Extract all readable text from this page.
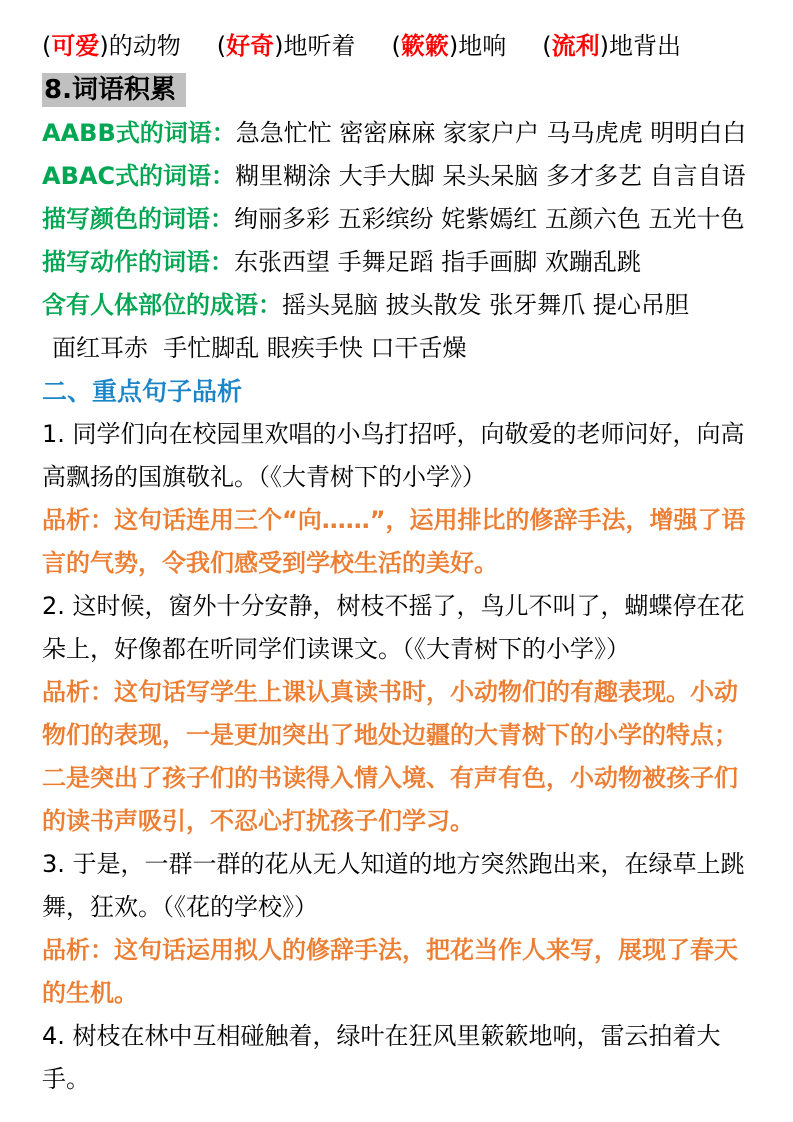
(可爱)的动物 (好奇)地听着 (簌簌)地响 (流利)地背出
8.词语积累

AABB式的词语：急急忙忙 密密麻麻 家家户户 马马虎虎 明明白白

ABAC式的词语：糊里糊涂 大手大脚 呆头呆脑 多才多艺 自言自语

描写颜色的词语：绚丽多彩 五彩缤纷 姹紫嫣红 五颜六色 五光十色

描写动作的词语：东张西望 手舞足蹈 指手画脚 欢蹦乱跳

含有人体部位的成语：摇头晃脑 披头散发 张牙舞爪 提心吊胆

面红耳赤  手忙脚乱 眼疾手快 口干舌燥

二、重点句子品析

1. 同学们向在校园里欢唱的小鸟打招呼，向敬爱的老师问好，向高高飘扬的国旗敬礼。（《大青树下的小学》）

品析：这句话连用三个“向……”，运用排比的修辞手法，增强了语言的气势，令我们感受到学校生活的美好。

2. 这时候，窗外十分安静，树枝不摇了，鸟儿不叫了，蝴蝶停在花朵上，好像都在听同学们读课文。（《大青树下的小学》）

品析：这句话写学生上课认真读书时，小动物们的有趣表现。小动物们的表现，一是更加突出了地处边疆的大青树下的小学的特点；二是突出了孩子们的书读得入情入境、有声有色，小动物被孩子们的读书声吸引，不忍心打扰孩子们学习。

3. 于是，一群一群的花从无人知道的地方突然跑出来，在绿草上跳舞，狂欢。（《花的学校》）

品析：这句话运用拟人的修辞手法，把花当作人来写，展现了春天的生机。

4. 树枝在林中互相碰触着，绿叶在狂风里簌簌地响，雷云拍着大手。
